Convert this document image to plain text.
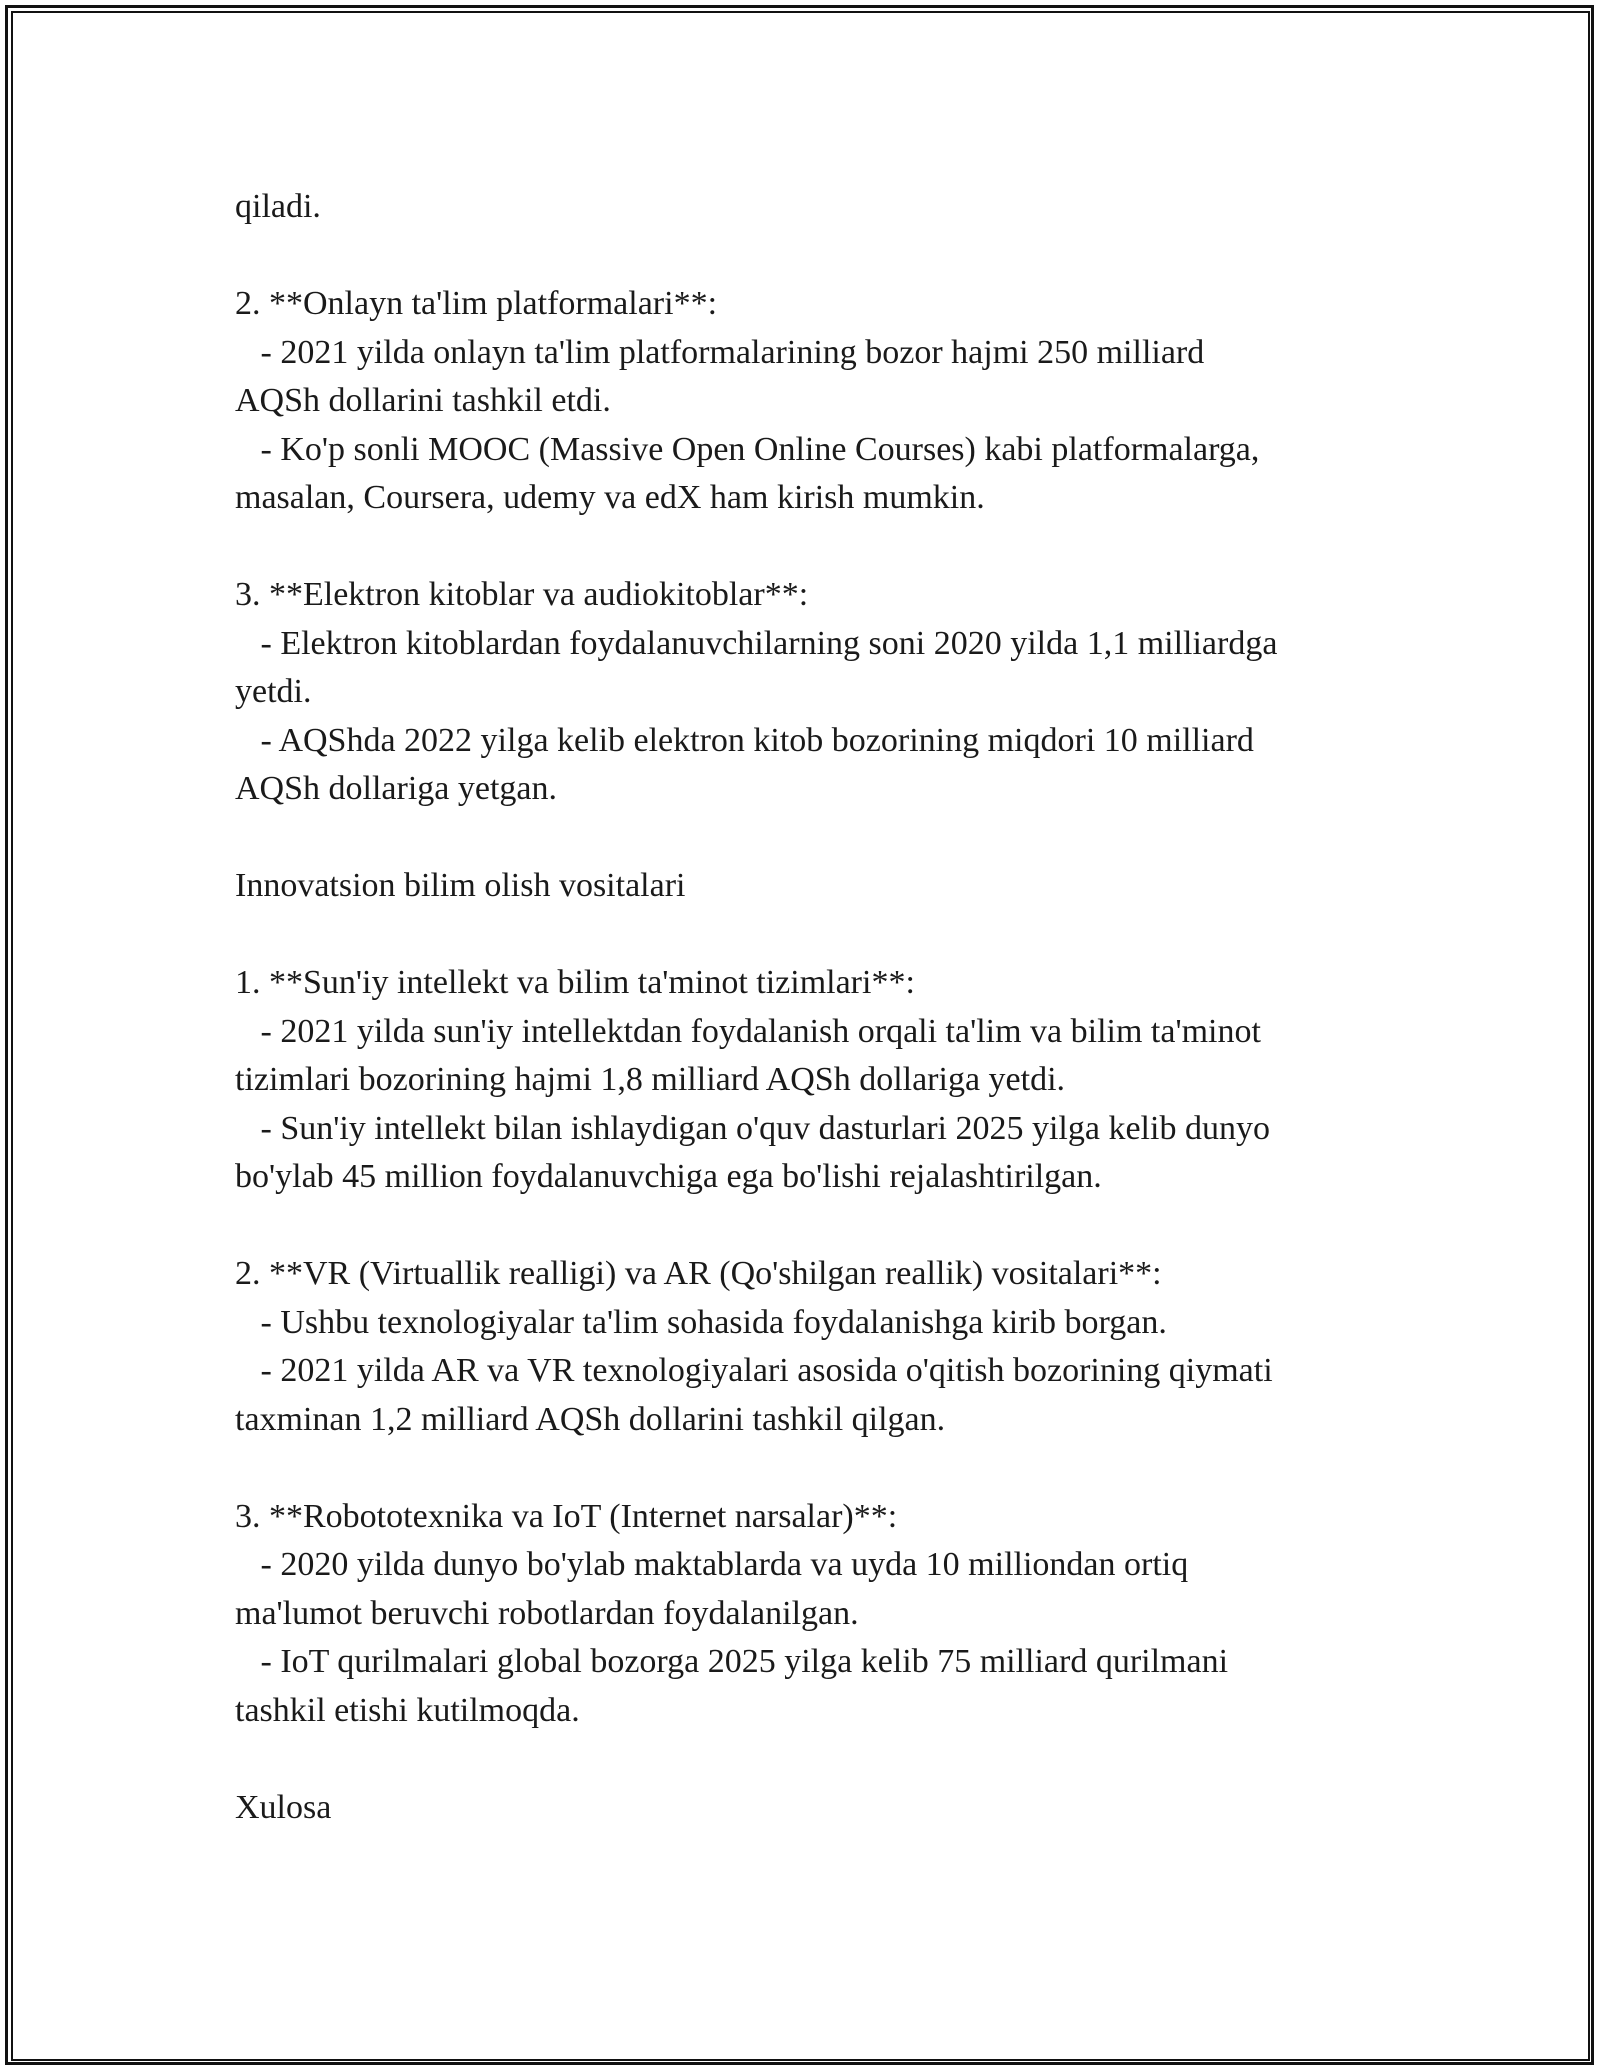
qiladi.
2. **Onlayn ta'lim platformalari**:
- 2021 yilda onlayn ta'lim platformalarining bozor hajmi 250 milliard
AQSh dollarini tashkil etdi.
- Ko'p sonli MOOC (Massive Open Online Courses) kabi platformalarga,
masalan, Coursera, udemy va edX ham kirish mumkin.
3. **Elektron kitoblar va audiokitoblar**:
- Elektron kitoblardan foydalanuvchilarning soni 2020 yilda 1,1 milliardga
yetdi.
- AQShda 2022 yilga kelib elektron kitob bozorining miqdori 10 milliard
AQSh dollariga yetgan.
Innovatsion bilim olish vositalari
1. **Sun'iy intellekt va bilim ta'minot tizimlari**:
- 2021 yilda sun'iy intellektdan foydalanish orqali ta'lim va bilim ta'minot
tizimlari bozorining hajmi 1,8 milliard AQSh dollariga yetdi.
- Sun'iy intellekt bilan ishlaydigan o'quv dasturlari 2025 yilga kelib dunyo
bo'ylab 45 million foydalanuvchiga ega bo'lishi rejalashtirilgan.
2. **VR (Virtuallik realligi) va AR (Qo'shilgan reallik) vositalari**:
- Ushbu texnologiyalar ta'lim sohasida foydalanishga kirib borgan.
- 2021 yilda AR va VR texnologiyalari asosida o'qitish bozorining qiymati
taxminan 1,2 milliard AQSh dollarini tashkil qilgan.
3. **Robototexnika va IoT (Internet narsalar)**:
- 2020 yilda dunyo bo'ylab maktablarda va uyda 10 milliondan ortiq
ma'lumot beruvchi robotlardan foydalanilgan.
- IoT qurilmalari global bozorga 2025 yilga kelib 75 milliard qurilmani
tashkil etishi kutilmoqda.
Xulosa
